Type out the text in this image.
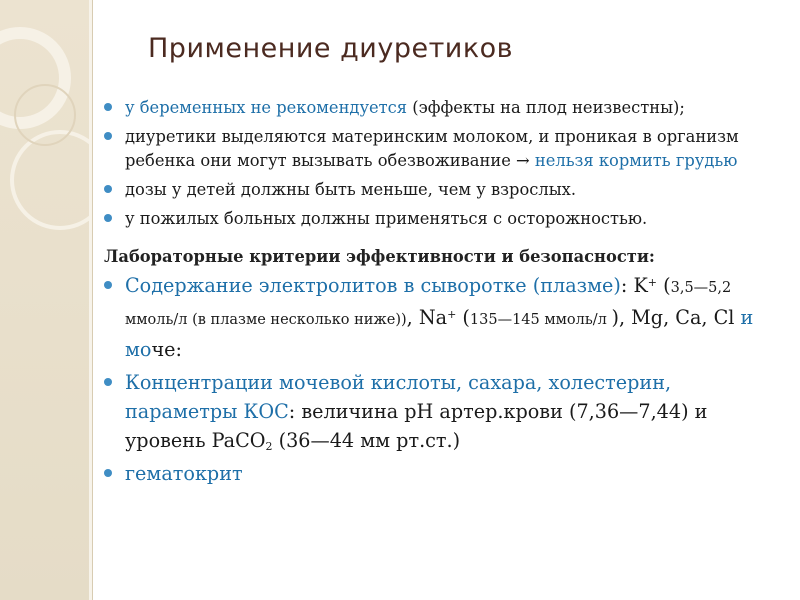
Применение диуретиков
у беременных не рекомендуется (эффекты на плод неизвестны);
диуретики выделяются материнским молоком, и проникая в организм ребенка они могут вызывать обезвоживание → нельзя кормить грудью
дозы у детей должны быть меньше, чем у взрослых.
у пожилых больных должны применяться с осторожностью.
Лабораторные критерии эффективности и безопасности:
Содержание электролитов в сыворотке (плазме): K+ (3,5—5,2 ммоль/л (в плазме несколько ниже)), Na+ (135—145 ммоль/л ), Mg, Ca, Cl и моче:
Концентрации мочевой кислоты, сахара, холестерин, параметры КОС: величина pH артер.крови (7,36—7,44) и уровень PaCO$_2$ (36—44 мм рт.ст.)
гематокрит
